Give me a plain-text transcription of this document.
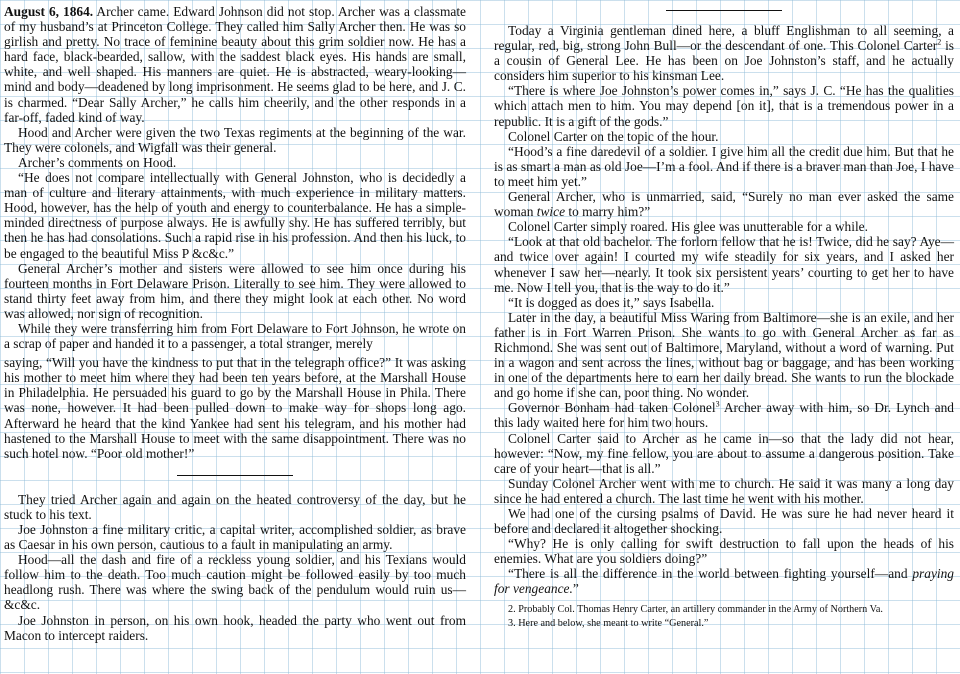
August 6, 1864. Archer came. Edward Johnson did not stop. Archer was a classmate of my husband’s at Princeton College. They called him Sally Archer then. He was so girlish and pretty. No trace of feminine beauty about this grim soldier now. He has a hard face, black-bearded, sallow, with the saddest black eyes. His hands are small, white, and well shaped. His manners are quiet. He is abstracted, weary-looking—mind and body—deadened by long imprisonment. He seems glad to be here, and J. C. is charmed. “Dear Sally Archer,” he calls him cheerily, and the other responds in a far-off, faded kind of way.

Hood and Archer were given the two Texas regiments at the beginning of the war. They were colonels, and Wigfall was their general.

Archer’s comments on Hood.

“He does not compare intellectually with General Johnston, who is decidedly a man of culture and literary attainments, with much experience in military matters. Hood, however, has the help of youth and energy to counterbalance. He has a simple-minded directness of purpose always. He is awfully shy. He has suffered terribly, but then he has had consolations. Such a rapid rise in his profession. And then his luck, to be engaged to the beautiful Miss P &c&c.”

General Archer’s mother and sisters were allowed to see him once during his fourteen months in Fort Delaware Prison. Literally to see him. They were allowed to stand thirty feet away from him, and there they might look at each other. No word was allowed, nor sign of recognition.

While they were transferring him from Fort Delaware to Fort Johnson, he wrote on a scrap of paper and handed it to a passenger, a total stranger, merely

saying, “Will you have the kindness to put that in the telegraph office?” It was asking his mother to meet him where they had been ten years before, at the Marshall House in Philadelphia. He persuaded his guard to go by the Marshall House in Phila. There was none, however. It had been pulled down to make way for shops long ago. Afterward he heard that the kind Yankee had sent his telegram, and his mother had hastened to the Marshall House to meet with the same disappointment. There was no such hotel now. “Poor old mother!”

They tried Archer again and again on the heated controversy of the day, but he stuck to his text.

Joe Johnston a fine military critic, a capital writer, accomplished soldier, as brave as Caesar in his own person, cautious to a fault in manipulating an army.

Hood—all the dash and fire of a reckless young soldier, and his Texians would follow him to the death. Too much caution might be followed easily by too much headlong rush. There was where the swing back of the pendulum would ruin us—&c&c.

Joe Johnston in person, on his own hook, headed the party who went out from Macon to intercept raiders.

Today a Virginia gentleman dined here, a bluff Englishman to all seeming, a regular, red, big, strong John Bull—or the descendant of one. This Colonel Carter$^2$ is a cousin of General Lee. He has been on Joe Johnston’s staff, and he actually considers him superior to his kinsman Lee.

“There is where Joe Johnston’s power comes in,” says J. C. “He has the qualities which attach men to him. You may depend [on it], that is a tremendous power in a republic. It is a gift of the gods.”

Colonel Carter on the topic of the hour.

“Hood’s a fine daredevil of a soldier. I give him all the credit due him. But that he is as smart a man as old Joe—I’m a fool. And if there is a braver man than Joe, I have to meet him yet.”

General Archer, who is unmarried, said, “Surely no man ever asked the same woman twice to marry him?”

Colonel Carter simply roared. His glee was unutterable for a while.

“Look at that old bachelor. The forlorn fellow that he is! Twice, did he say? Aye—and twice over again! I courted my wife steadily for six years, and I asked her whenever I saw her—nearly. It took six persistent years’ courting to get her to have me. Now I tell you, that is the way to do it.”

“It is dogged as does it,” says Isabella.

Later in the day, a beautiful Miss Waring from Baltimore—she is an exile, and her father is in Fort Warren Prison. She wants to go with General Archer as far as Richmond. She was sent out of Baltimore, Maryland, without a word of warning. Put in a wagon and sent across the lines, without bag or baggage, and has been working in one of the departments here to earn her daily bread. She wants to run the blockade and go home if she can, poor thing. No wonder.

Governor Bonham had taken Colonel$^3$ Archer away with him, so Dr. Lynch and this lady waited here for him two hours.

Colonel Carter said to Archer as he came in—so that the lady did not hear, however: “Now, my fine fellow, you are about to assume a dangerous position. Take care of your heart—that is all.”

Sunday Colonel Archer went with me to church. He said it was many a long day since he had entered a church. The last time he went with his mother.

We had one of the cursing psalms of David. He was sure he had never heard it before and declared it altogether shocking.

“Why? He is only calling for swift destruction to fall upon the heads of his enemies. What are you soldiers doing?”

“There is all the difference in the world between fighting yourself—and praying for vengeance.”

2. Probably Col. Thomas Henry Carter, an artillery commander in the Army of Northern Va.

3. Here and below, she meant to write “General.”
